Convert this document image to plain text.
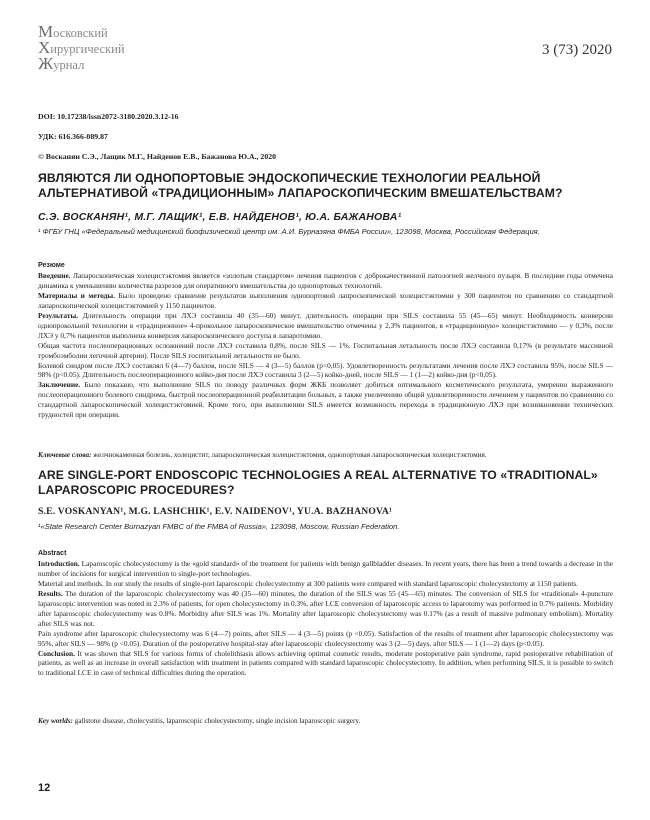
Московский
Хирургический
Журнал
3 (73) 2020
DOI: 10.17238/issn2072-3180.2020.3.12-16
УДК: 616.366-089.87
© Восканян С.Э., Лащик М.Г., Найденов Е.В., Бажанова Ю.А., 2020
ЯВЛЯЮТСЯ ЛИ ОДНОПОРТОВЫЕ ЭНДОСКОПИЧЕСКИЕ ТЕХНОЛОГИИ РЕАЛЬНОЙ
АЛЬТЕРНАТИВОЙ «ТРАДИЦИОННЫМ» ЛАПАРОСКОПИЧЕСКИМ ВМЕШАТЕЛЬСТВАМ?
С.Э. ВОСКАНЯН¹, М.Г. ЛАЩИК¹, Е.В. НАЙДЕНОВ¹, Ю.А. БАЖАНОВА¹
¹ ФГБУ ГНЦ «Федеральный медицинский биофизический центр им. А.И. Бурназяна ФМБА России», 123098, Москва, Российская Федерация.

Резюме

Введение. Лапароскопическая холецистэктомия является «золотым стандартом» лечения пациентов с доброкачественной патологией желчного пузыря. В последние годы отмечена динамика к уменьшению количества разрезов для оперативного вмешательства до однопортовых технологий.

Материалы и методы. Было проведено сравнение результатов выполнения однопортовой лапроскопической холецистэктомии у 300 пациентов по сравнению со стандартной лапароскопической холецистэктомией у 1150 пациентов.

Результаты. Длительность операции при ЛХЭ составила 40 (35—60) минут, длительность операции при SILS составила 55 (45—65) минут. Необходимость конверсии однопрокольной технологии в «традиционное» 4-прокольное лапароскопическое вмешательство отмечены у 2,3% пациентов, в «традиционную» холецистэктомию — у 0,3%, после ЛХЭ у 0,7% пациентов выполнена конверсия лапароскопического доступа в лапаротомию.

Общая частота послеоперационных осложнений после ЛХЭ составила 0,8%, после SILS — 1%. Госпитальная летальность после ЛХЭ составила 0,17% (в результате массивной тромбоэмболии легочной артерии). После SILS госпитальной летальности не было.

Болевой синдром после ЛХЭ составлял 6 (4—7) баллов, после SILS — 4 (3—5) баллов (р<0,05). Удовлетворенность результатами лечения после ЛХЭ составила 95%, после SILS — 98% (р<0.05). Длительность послеоперационного койко-дня после ЛХЭ составила 3 (2—5) койко-дней, после SILS — 1 (1—2) койко-дня (р<0,05).

Заключение. Было показано, что выполнение SILS по поводу различных форм ЖКБ позволяет добиться оптимального косметического результата, умеренно выраженного послеоперационного болевого синдрома, быстрой послеоперационной реабилитации больных, а также увеличению общей удовлетворенности лечением у пациентов по сравнению со стандартной лапароскопической холецистэктомией. Кроме того, при выполнении SILS имеется возможность перехода в традиционную ЛХЭ при возникновении технических трудностей при операции.

Ключевые слова: желчнокаменная болезнь, холецистит, лапароскопическая холецистэктомия, однопортовая лапароскопическая холецистэктомия.
ARE SINGLE-PORT ENDOSCOPIC TECHNOLOGIES A REAL ALTERNATIVE TO «TRADITIONAL»
LAPAROSCOPIC PROCEDURES?
S.E. VOSKANYAN¹, M.G. LASHCHIK¹, E.V. NAIDENOV¹, YU.A. BAZHANOVA¹
¹«State Research Center Burnazyan FMBC of the FMBA of Russia», 123098, Moscow, Russian Federation.

Abstract

Introduction. Laparoscopic cholecystectomy is the «gold standard» of the treatment for patients with benign gallbladder diseases. In recent years, there has been a trend towards a decrease in the number of incisions for surgical intervention to single-port technologies.

Material and methods. In our study the results of single-port laparoscopic cholecystectomy at 300 patients were compared with standard laparoscopic cholecystectomy at 1150 patients.

Results. The duration of the laparoscopic cholecystectomy was 40 (35—60) minutes, the duration of the SILS was 55 (45—65) minutes. The conversion of SILS for «traditional» 4-puncture laparoscopic intervention was noted in 2.3% of patients, for open cholecystectomy in 0.3%, after LCE conversion of laparoscopic access to laparotomy was performed in 0.7% patients. Morbidity after laparoscopic cholecystectomy was 0.8%. Morbidity after SILS was 1%. Mortality after laparoscopic cholecystectomy was 0.17% (as a result of massive pulmonary embolism). Mortality after SILS was not.

Pain syndrome after laparoscopic cholecystectomy was 6 (4—7) points, after SILS — 4 (3—5) points (p <0.05). Satisfaction of the results of treatment after laparoscopic cholecystectomy was 95%, after SILS — 98% (p <0.05). Duration of the postoperative hospital-stay after laparoscopic cholecystectomy was 3 (2—5) days, after SILS — 1 (1—2) days (p<0.05).

Conclusion. It was shown that SILS for various forms of cholelithiasis allows achieving optimal cosmetic results, moderate postoperative pain syndrome, rapid postoperative rehabilitation of patients, as well as an increase in overall satisfaction with treatment in patients compared with standard laparoscopic cholecystectomy. In addition, when performing SILS, it is possible to switch to traditional LCE in case of technical difficulties during the operation.

Key worlds: gallstone disease, cholecystitis, laparoscopic cholecystectomy, single incision laparoscopic surgery.
12
